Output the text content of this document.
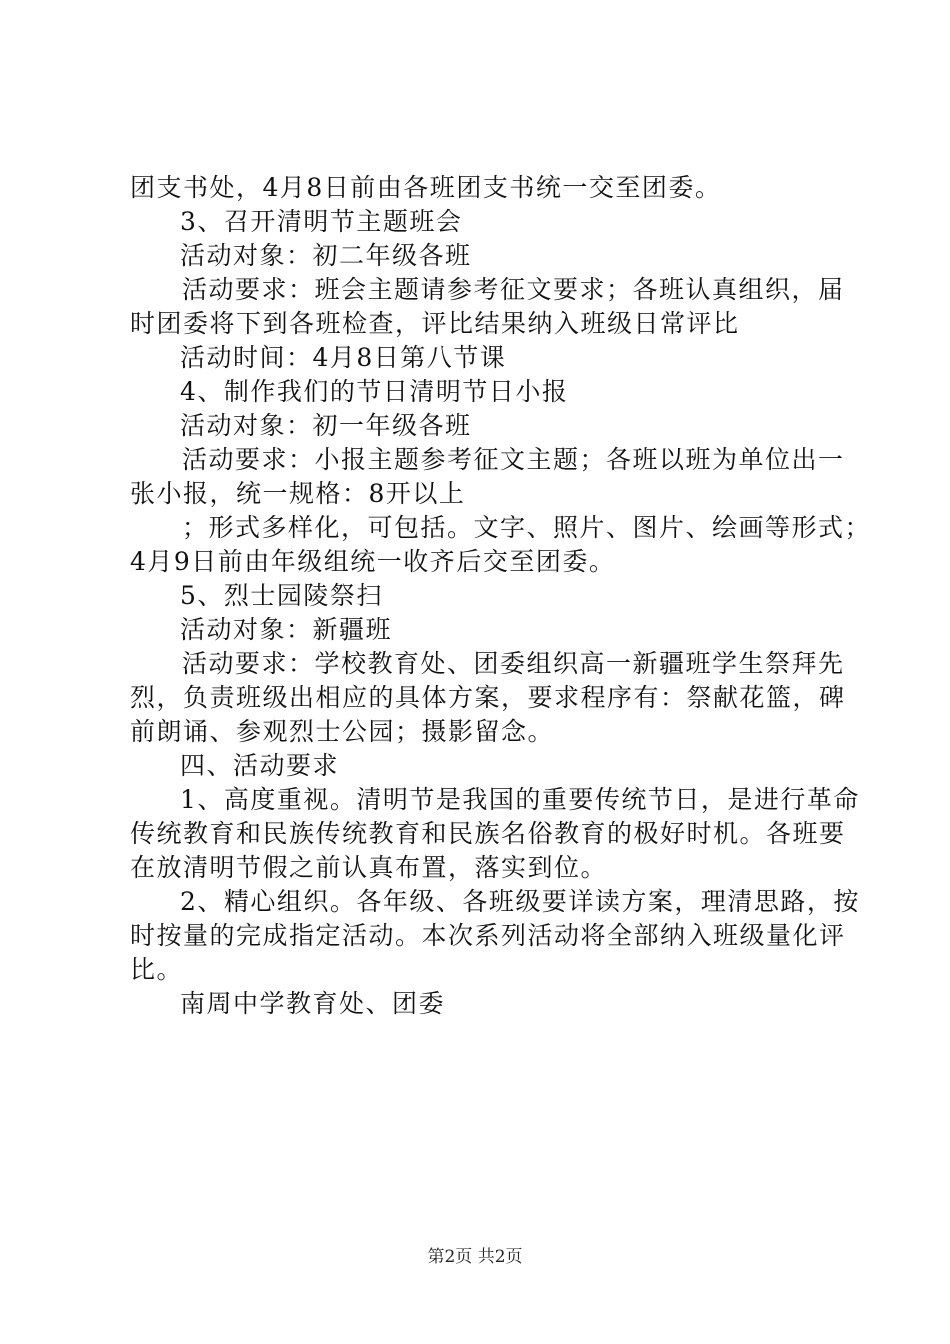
团支书处，4月8日前由各班团支书统一交至团委。

3、召开清明节主题班会

活动对象：初二年级各班

活动要求：班会主题请参考征文要求；各班认真组织，届

时团委将下到各班检查，评比结果纳入班级日常评比

活动时间：4月8日第八节课

4、制作我们的节日清明节日小报

活动对象：初一年级各班

活动要求：小报主题参考征文主题；各班以班为单位出一

张小报，统一规格：8开以上

；形式多样化，可包括。文字、照片、图片、绘画等形式；

4月9日前由年级组统一收齐后交至团委。

5、烈士园陵祭扫

活动对象：新疆班

活动要求：学校教育处、团委组织高一新疆班学生祭拜先

烈，负责班级出相应的具体方案，要求程序有：祭献花篮，碑

前朗诵、参观烈士公园；摄影留念。

四、活动要求

1、高度重视。清明节是我国的重要传统节日，是进行革命

传统教育和民族传统教育和民族名俗教育的极好时机。各班要

在放清明节假之前认真布置，落实到位。

2、精心组织。各年级、各班级要详读方案，理清思路，按

时按量的完成指定活动。本次系列活动将全部纳入班级量化评

比。

南周中学教育处、团委

第2页 共2页
